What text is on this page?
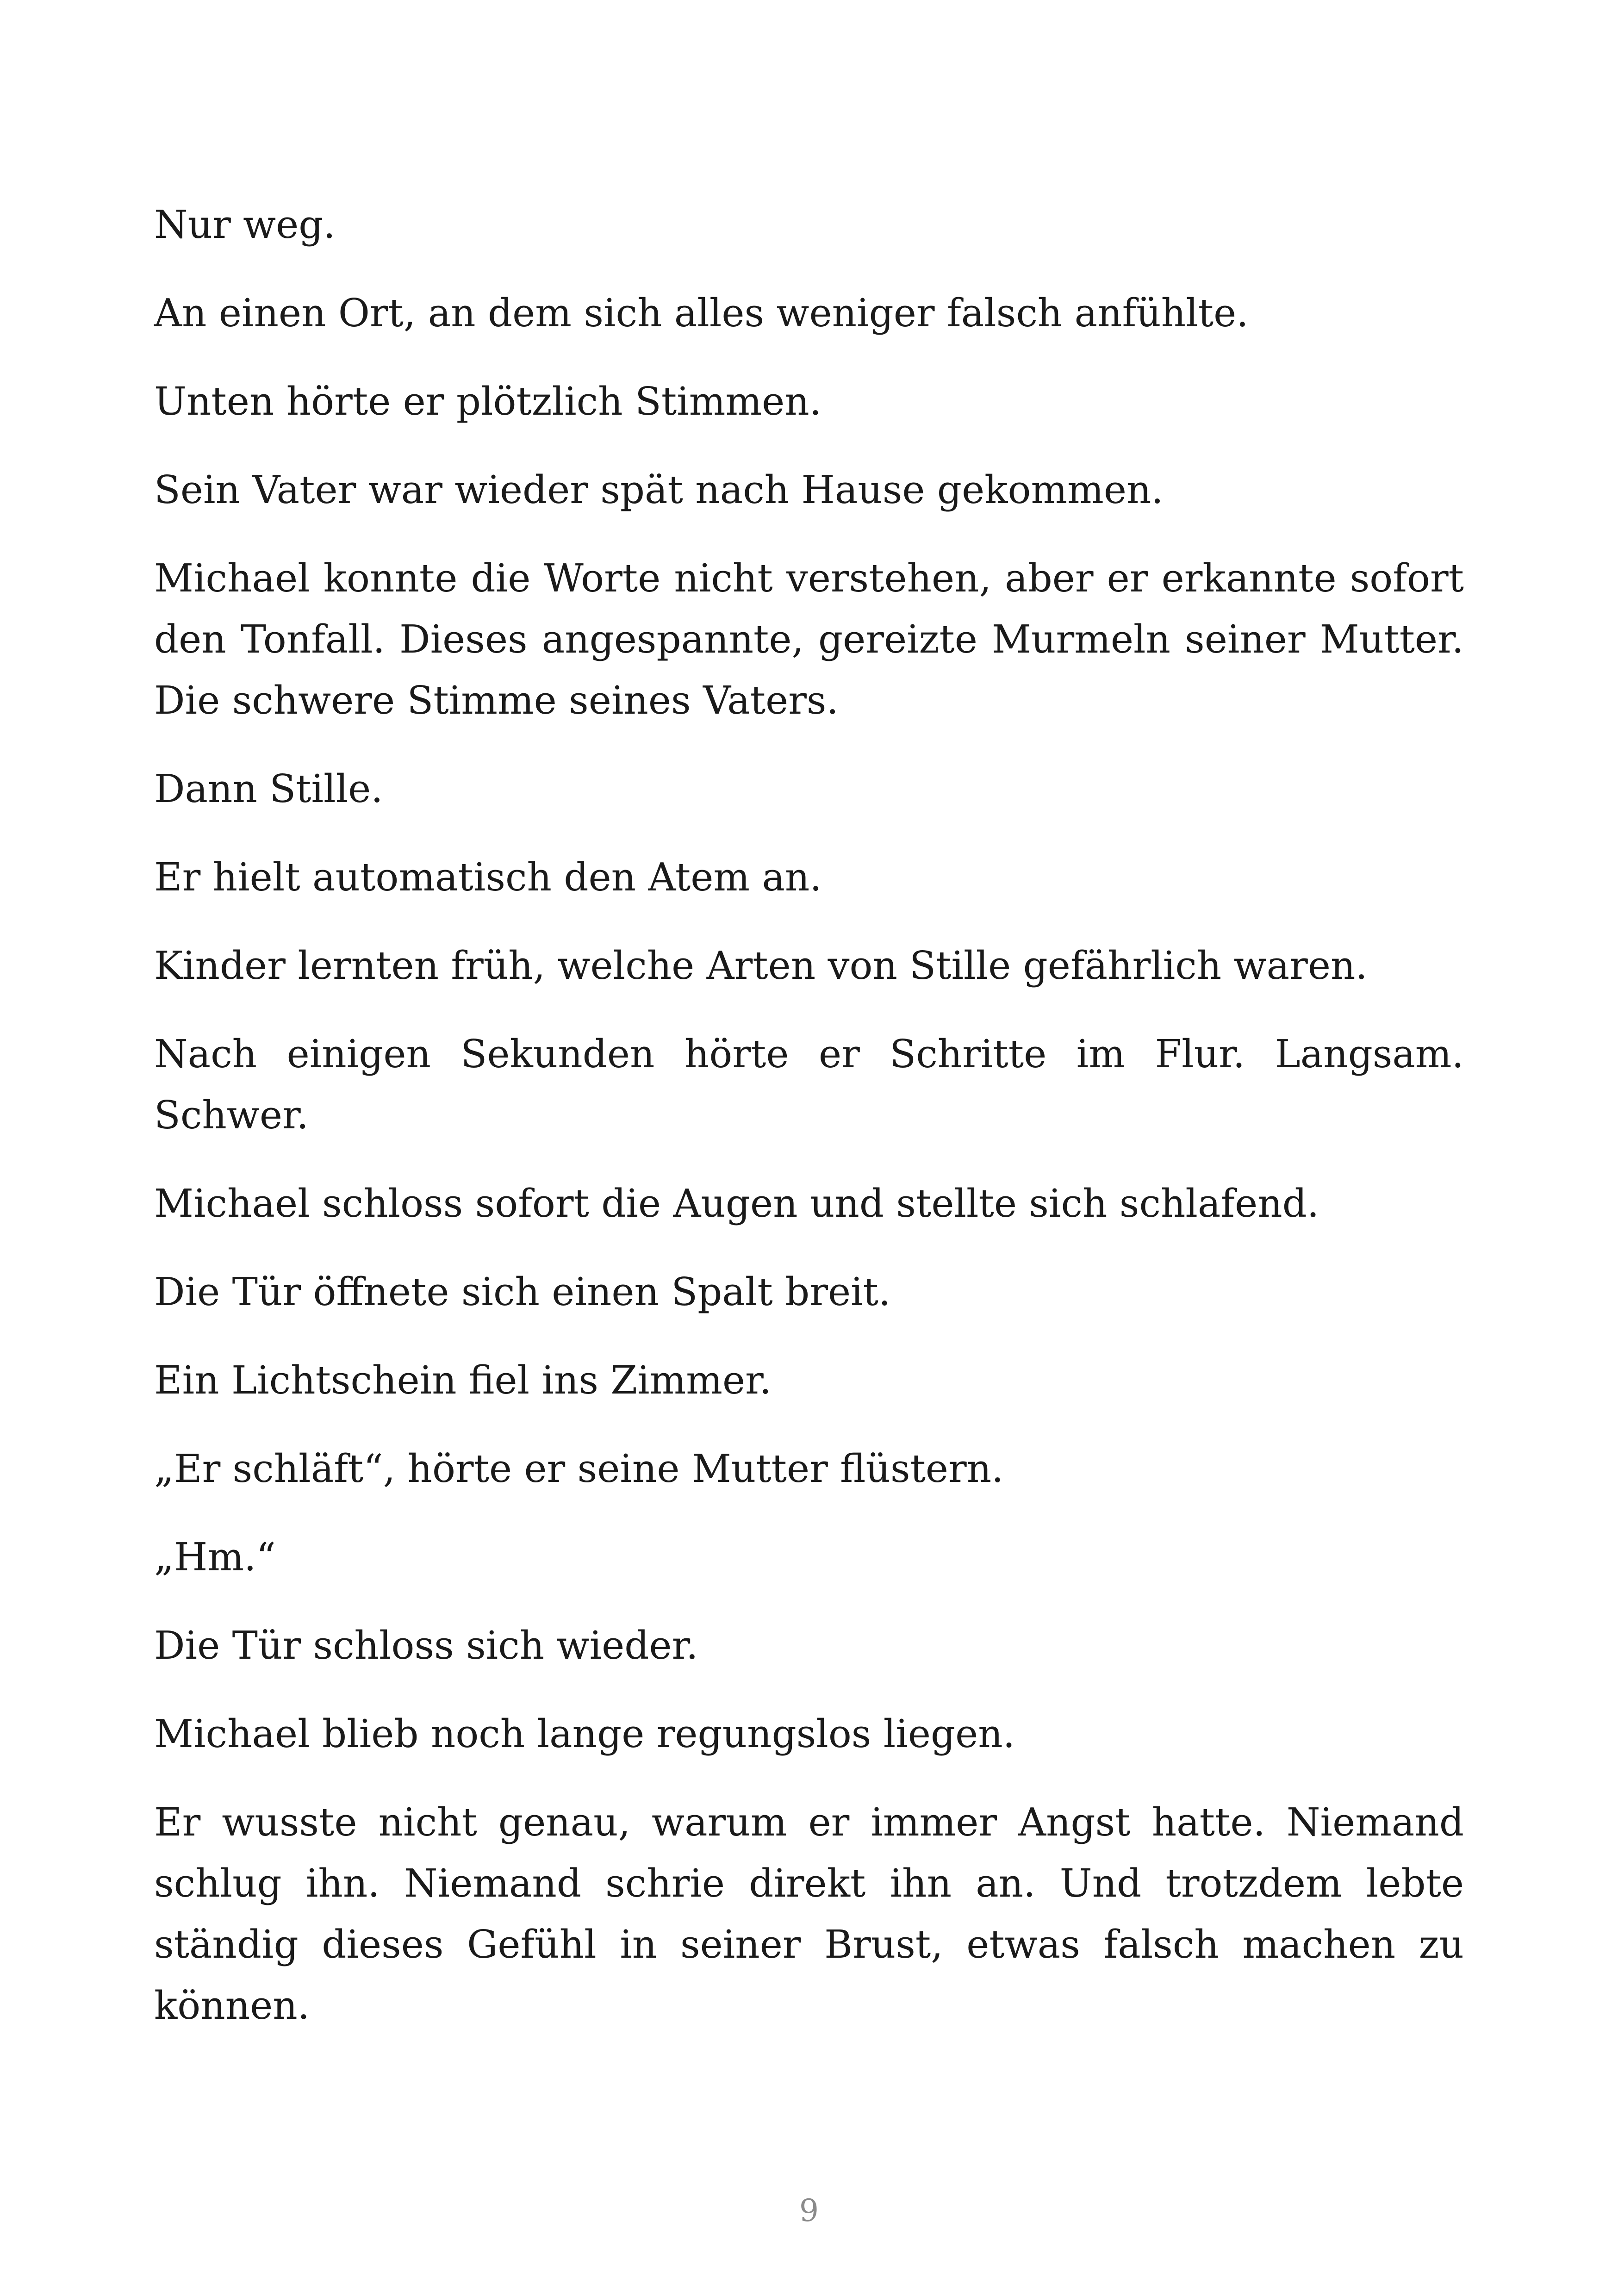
Nur weg.

An einen Ort, an dem sich alles weniger falsch anfühlte.

Unten hörte er plötzlich Stimmen.

Sein Vater war wieder spät nach Hause gekommen.

Michael konnte die Worte nicht verstehen, aber er erkannte sofort den Tonfall. Dieses angespannte, gereizte Murmeln seiner Mutter. Die schwere Stimme seines Vaters.

Dann Stille.

Er hielt automatisch den Atem an.

Kinder lernten früh, welche Arten von Stille gefährlich waren.

Nach einigen Sekunden hörte er Schritte im Flur. Langsam. Schwer.

Michael schloss sofort die Augen und stellte sich schlafend.

Die Tür öffnete sich einen Spalt breit.

Ein Lichtschein fiel ins Zimmer.

„Er schläft“, hörte er seine Mutter flüstern.

„Hm.“

Die Tür schloss sich wieder.

Michael blieb noch lange regungslos liegen.

Er wusste nicht genau, warum er immer Angst hatte. Niemand schlug ihn. Niemand schrie direkt ihn an. Und trotzdem lebte ständig dieses Gefühl in seiner Brust, etwas falsch machen zu können.

9
